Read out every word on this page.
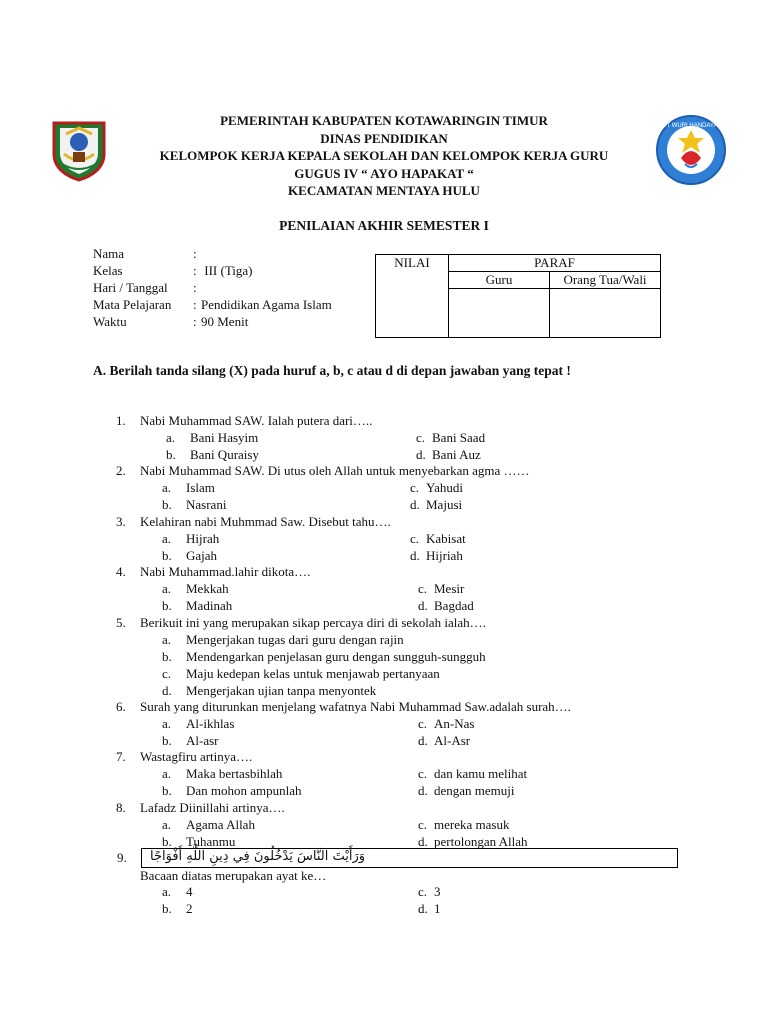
TUT WURI HANDAYANI
PEMERINTAH KABUPATEN KOTAWARINGIN TIMUR
DINAS PENDIDIKAN
KELOMPOK KERJA KEPALA SEKOLAH DAN KELOMPOK KERJA GURU
GUGUS IV “ AYO HAPAKAT “
KECAMATAN MENTAYA HULU
PENILAIAN AKHIR SEMESTER I
Nama	:
Kelas	: III (Tiga)
Hari / Tanggal :
Mata Pelajaran : Pendidikan Agama Islam
Waktu	: 90 Menit
NILAI	PARAF	
	Guru	Orang Tua/Wali

A. Berilah tanda silang (X) pada huruf a, b, c atau d di depan jawaban yang tepat !
1. Nabi Muhammad SAW. Ialah putera dari…..
a. Bani Hasyim	c. Bani Saad
b. Bani Quraisy	d. Bani Auz
2. Nabi Muhammad SAW. Di utus oleh Allah untuk menyebarkan agma ……
a. Islam	c. Yahudi
b. Nasrani	d. Majusi
3. Kelahiran nabi Muhmmad Saw. Disebut tahu….
a. Hijrah	c. Kabisat
b. Gajah	d. Hijriah
4. Nabi Muhammad.lahir dikota….
a. Mekkah	c. Mesir
b. Madinah	d. Bagdad
5. Berikuit ini yang merupakan sikap percaya diri di sekolah ialah….
a. Mengerjakan tugas dari guru dengan rajin
b. Mendengarkan penjelasan guru dengan sungguh-sungguh
c. Maju kedepan kelas untuk menjawab pertanyaan
d. Mengerjakan ujian tanpa menyontek
6. Surah yang diturunkan menjelang wafatnya Nabi Muhammad Saw.adalah surah….
a. Al-ikhlas	c. An-Nas
b. Al-asr	d. Al-Asr
7. Wastagfiru artinya….
a. Maka bertasbihlah	c. dan kamu melihat
b. Dan mohon ampunlah	d. dengan memuji
8. Lafadz Diinillahi artinya….
a. Agama Allah	c. mereka masuk
b. Tuhanmu	d. pertolongan Allah
Bacaan diatas merupakan ayat ke…
a. 4	c. 3
b. 2	d. 1
9. وَرَأَيْتَ النَّاسَ يَدْخُلُونَ فِي دِينِ اللَّهِ أَفْوَاجًا
